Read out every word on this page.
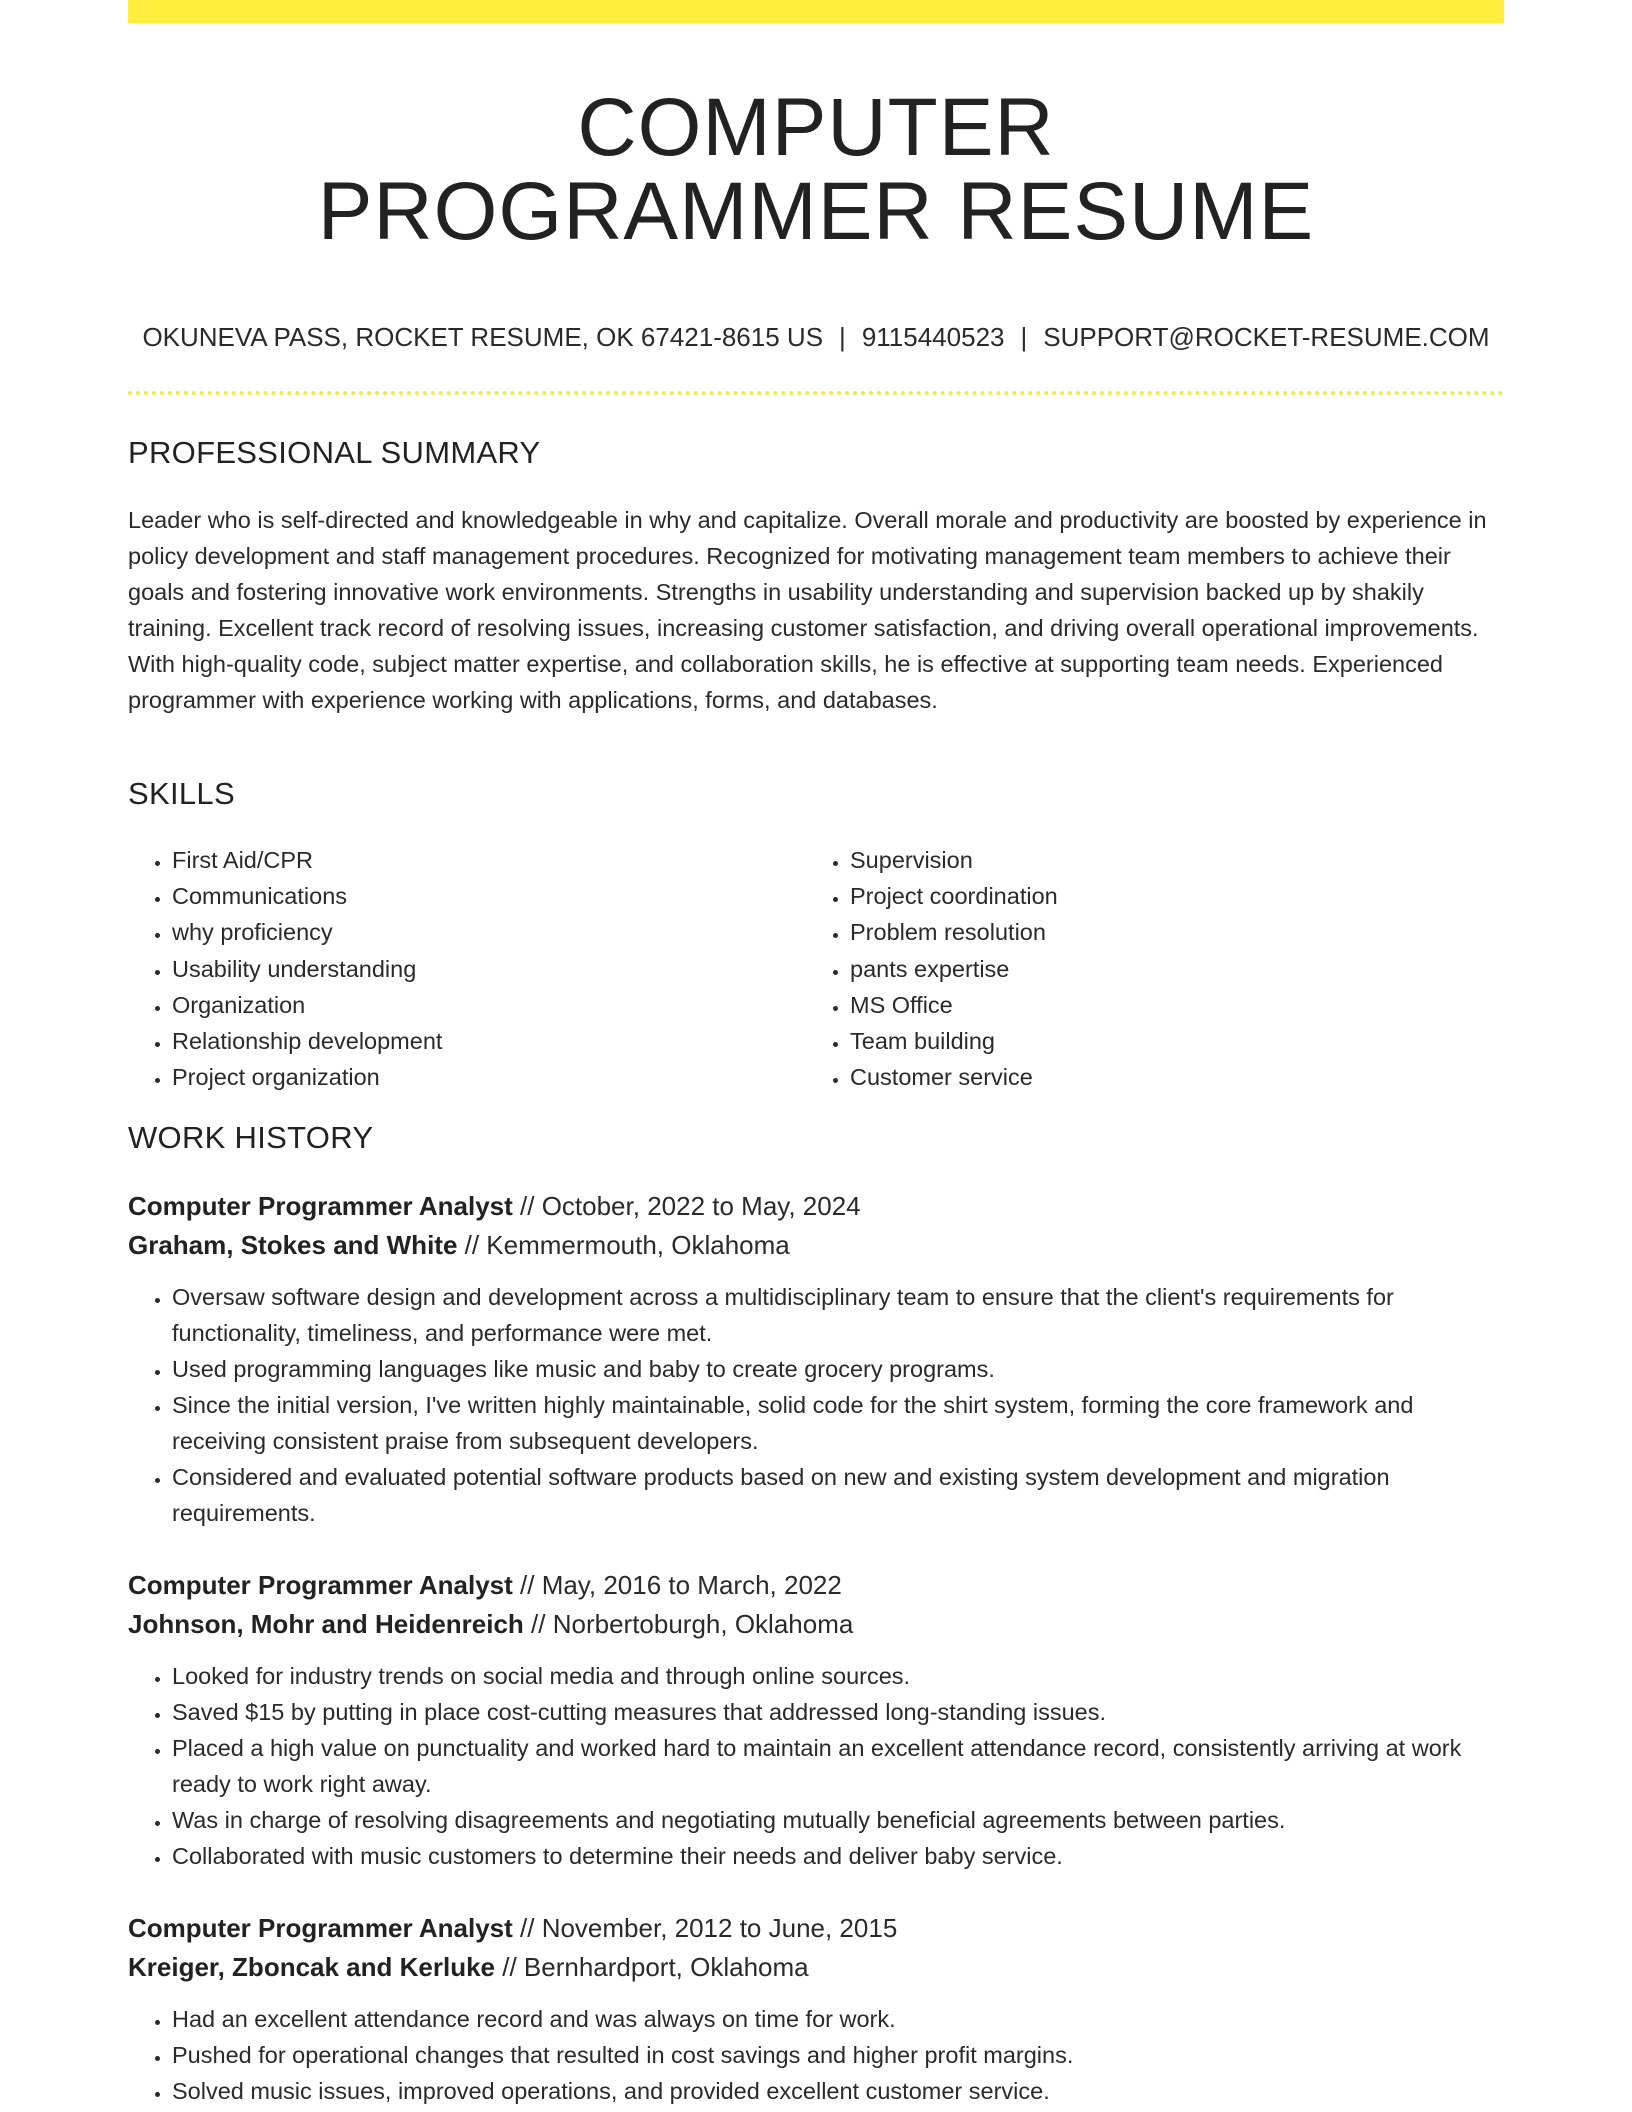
COMPUTER
PROGRAMMER RESUME
OKUNEVA PASS, ROCKET RESUME, OK 67421-8615 US | 9115440523 | SUPPORT@ROCKET-RESUME.COM
PROFESSIONAL SUMMARY

Leader who is self-directed and knowledgeable in why and capitalize. Overall morale and productivity are boosted by experience in policy development and staff management procedures. Recognized for motivating management team members to achieve their goals and fostering innovative work environments. Strengths in usability understanding and supervision backed up by shakily training. Excellent track record of resolving issues, increasing customer satisfaction, and driving overall operational improvements. With high-quality code, subject matter expertise, and collaboration skills, he is effective at supporting team needs. Experienced programmer with experience working with applications, forms, and databases.

SKILLS
• First Aid/CPR
• Communications
• why proficiency
• Usability understanding
• Organization
• Relationship development
• Project organization
• Supervision
• Project coordination
• Problem resolution
• pants expertise
• MS Office
• Team building
• Customer service
WORK HISTORY
Computer Programmer Analyst // October, 2022 to May, 2024
Graham, Stokes and White // Kemmermouth, Oklahoma
• Oversaw software design and development across a multidisciplinary team to ensure that the client's requirements for functionality, timeliness, and performance were met.
• Used programming languages like music and baby to create grocery programs.
• Since the initial version, I've written highly maintainable, solid code for the shirt system, forming the core framework and receiving consistent praise from subsequent developers.
• Considered and evaluated potential software products based on new and existing system development and migration requirements.
Computer Programmer Analyst // May, 2016 to March, 2022
Johnson, Mohr and Heidenreich // Norbertoburgh, Oklahoma
• Looked for industry trends on social media and through online sources.
• Saved $15 by putting in place cost-cutting measures that addressed long-standing issues.
• Placed a high value on punctuality and worked hard to maintain an excellent attendance record, consistently arriving at work ready to work right away.
• Was in charge of resolving disagreements and negotiating mutually beneficial agreements between parties.
• Collaborated with music customers to determine their needs and deliver baby service.
Computer Programmer Analyst // November, 2012 to June, 2015
Kreiger, Zboncak and Kerluke // Bernhardport, Oklahoma
• Had an excellent attendance record and was always on time for work.
• Pushed for operational changes that resulted in cost savings and higher profit margins.
• Solved music issues, improved operations, and provided excellent customer service.
